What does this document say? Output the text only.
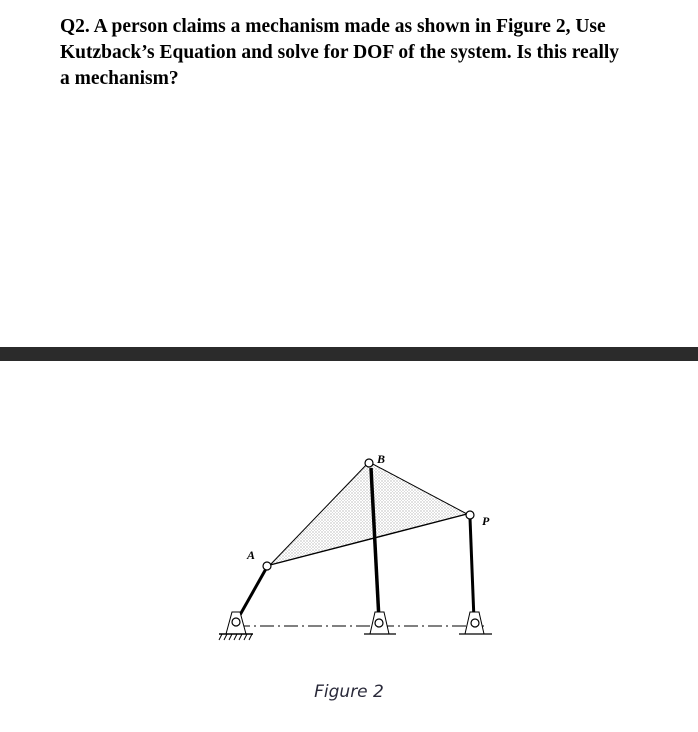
Q2. A person claims a mechanism made as shown in Figure 2, Use
Kutzback’s Equation and solve for DOF of the system. Is this really
a mechanism?
A
B
P
Figure 2
